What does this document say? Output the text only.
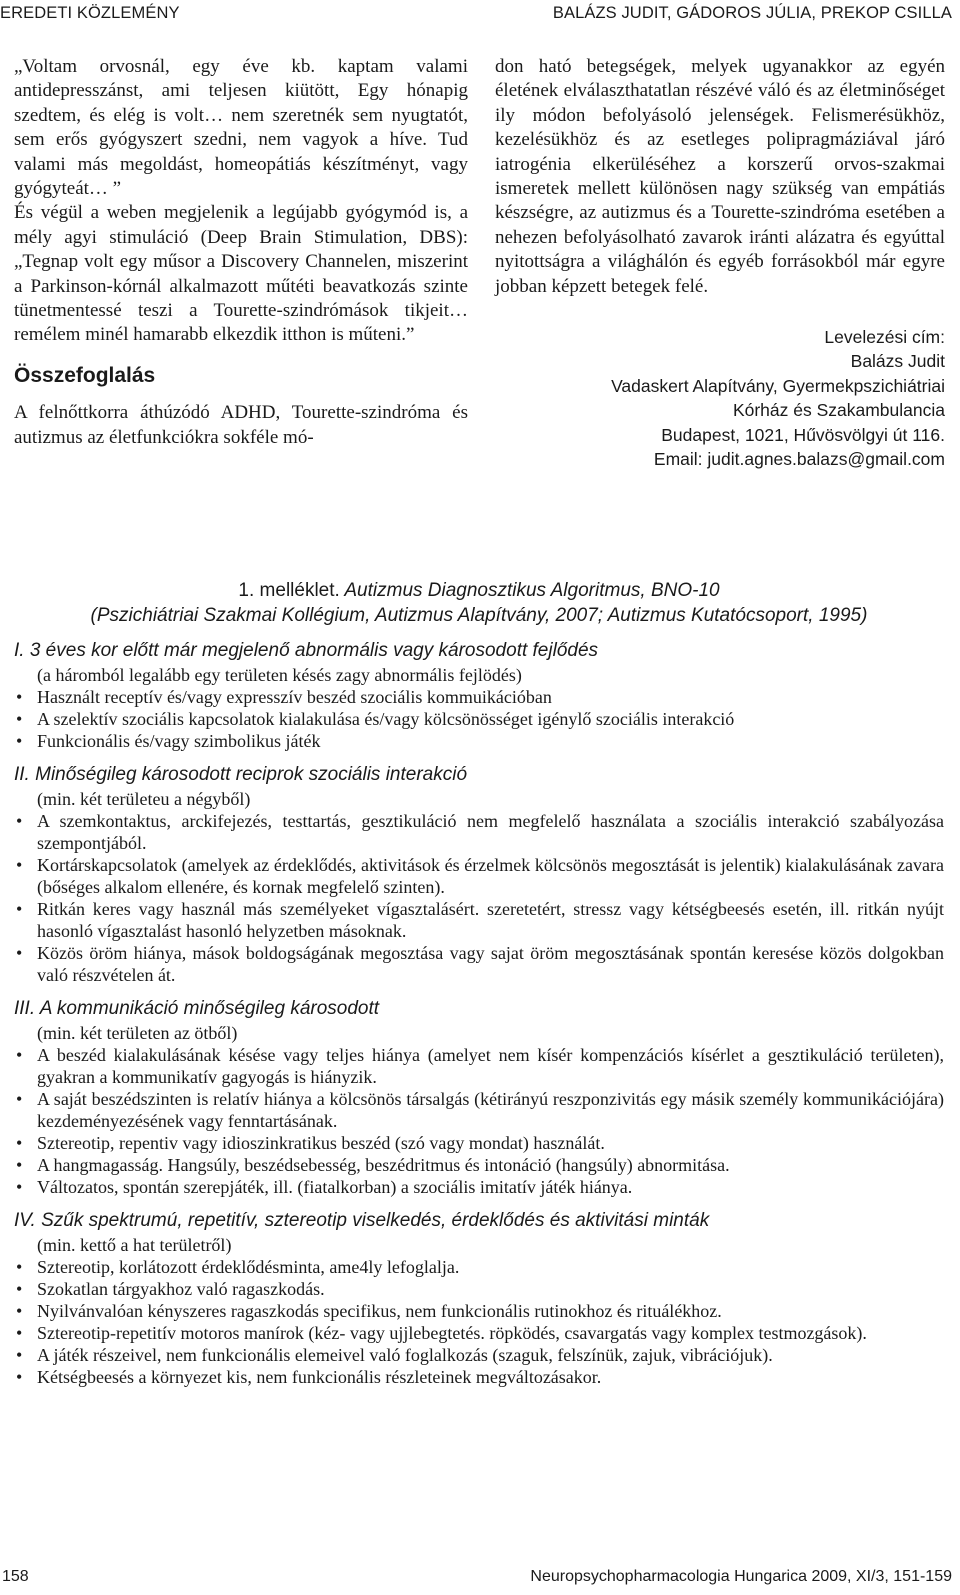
EREDETI KÖZLEMÉNY	BALÁZS JUDIT, GÁDOROS JÚLIA, PREKOP CSILLA

„Voltam orvosnál, egy éve kb. kaptam valami antidepresszánst, ami teljesen kiütött, Egy hónapig szedtem, és elég is volt… nem szeretnék sem nyugtatót, sem erős gyógyszert szedni, nem vagyok a híve. Tud valami más megoldást, homeopátiás készítményt, vagy gyógyteát… ”

És végül a weben megjelenik a legújabb gyógymód is, a mély agyi stimuláció (Deep Brain Stimulation, DBS): „Tegnap volt egy műsor a Discovery Channelen, miszerint a Parkinson-kórnál alkalmazott műtéti beavatkozás szinte tünetmentessé teszi a Tourette-szindrómások tikjeit… remélem minél hamarabb elkezdik itthon is műteni.”

Összefoglalás

A felnőttkorra áthúzódó ADHD, Tourette-szindróma és autizmus az életfunkciókra sokféle mó-

don ható betegségek, melyek ugyanakkor az egyén életének elválaszthatatlan részévé váló és az életminőséget ily módon befolyásoló jelenségek. Felismerésükhöz, kezelésükhöz és az esetleges polipragmáziával járó iatrogénia elkerüléséhez a korszerű orvos-szakmai ismeretek mellett különösen nagy szükség van empátiás készségre, az autizmus és a Tourette-szindróma esetében a nehezen befolyásolható zavarok iránti alázatra és egyúttal nyitottságra a világhálón és egyéb forrásokból már egyre jobban képzett betegek felé.

Levelezési cím:
Balázs Judit
Vadaskert Alapítvány, Gyermekpszichiátriai
Kórház és Szakambulancia
Budapest, 1021, Hűvösvölgyi út 116.
Email: judit.agnes.balazs@gmail.com
1. melléklet. Autizmus Diagnosztikus Algoritmus, BNO-10
(Pszichiátriai Szakmai Kollégium, Autizmus Alapítvány, 2007; Autizmus Kutatócsoport, 1995)
I. 3 éves kor előtt már megjelenő abnormális vagy károsodott fejlődés
(a háromból legalább egy területen késés zagy abnormális fejlödés)
• Használt receptív és/vagy expresszív beszéd szociális kommuikációban
• A szelektív szociális kapcsolatok kialakulása és/vagy kölcsönösséget igénylő szociális interakció
• Funkcionális és/vagy szimbolikus játék
II. Minőségileg károsodott reciprok szociális interakció
(min. két területeu a négyből)
• A szemkontaktus, arckifejezés, testtartás, gesztikuláció nem megfelelő használata a szociális interakció szabályozása szempontjából.
• Kortárskapcsolatok (amelyek az érdeklődés, aktivitások és érzelmek kölcsönös megosztását is jelentik) kialakulásának zavara (bőséges alkalom ellenére, és kornak megfelelő szinten).
• Ritkán keres vagy használ más személyeket vígasztalásért. szeretetért, stressz vagy kétségbeesés esetén, ill. ritkán nyújt hasonló vígasztalást hasonló helyzetben másoknak.
• Közös öröm hiánya, mások boldogságának megosztása vagy sajat öröm megosztásának spontán keresése közös dolgokban való részvételen át.
III. A kommunikáció minőségileg károsodott
(min. két területen az ötből)
• A beszéd kialakulásának késése vagy teljes hiánya (amelyet nem kísér kompenzációs kísérlet a gesztikuláció területen), gyakran a kommunikatív gagyogás is hiányzik.
• A saját beszédszinten is relatív hiánya a kölcsönös társalgás (kétirányú reszponzivitás egy másik személy kommunikációjára) kezdeményezésének vagy fenntartásának.
• Sztereotip, repentiv vagy idioszinkratikus beszéd (szó vagy mondat) használát.
• A hangmagasság. Hangsúly, beszédsebesség, beszédritmus és intonáció (hangsúly) abnormitása.
• Változatos, spontán szerepjáték, ill. (fiatalkorban) a szociális imitatív játék hiánya.
IV. Szűk spektrumú, repetitív, sztereotip viselkedés, érdeklődés és aktivitási minták
(min. kettő a hat területről)
• Sztereotip, korlátozott érdeklődésminta, ame4ly lefoglalja.
• Szokatlan tárgyakhoz való ragaszkodás.
• Nyilvánvalóan kényszeres ragaszkodás specifikus, nem funkcionális rutinokhoz és rituálékhoz.
• Sztereotip-repetitív motoros manírok (kéz- vagy ujjlebegtetés. röpködés, csavargatás vagy komplex testmozgások).
• A játék részeivel, nem funkcionális elemeivel való foglalkozás (szaguk, felszínük, zajuk, vibrációjuk).
• Kétségbeesés a környezet kis, nem funkcionális részleteinek megváltozásakor.
158	Neuropsychopharmacologia Hungarica 2009, XI/3, 151-159
